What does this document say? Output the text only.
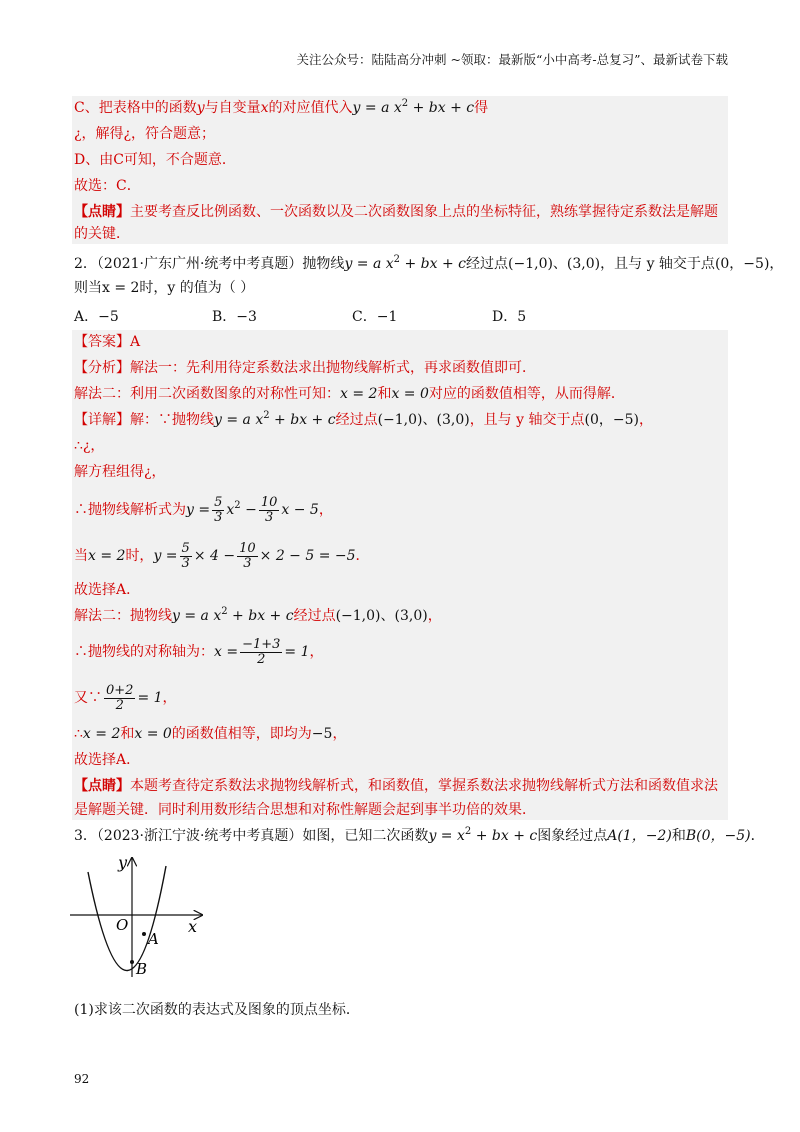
关注公众号：陆陆高分冲刺 ~领取：最新版“小中高考-总复习”、最新试卷下载
C、把表格中的函数y与自变量x的对应值代入y = a $x^2$ + bx + c得
¿，解得¿，符合题意；
D、由C可知，不合题意．
故选：C．
【点睛】主要考查反比例函数、一次函数以及二次函数图象上点的坐标特征，熟练掌握待定系数法是解题
的关键．
2．（2021·广东广州·统考中考真题）抛物线y = a $x^2$ + bx + c经过点(−1,0)、(3,0)，且与 y 轴交于点(0，−5)，
则当x = 2时，y 的值为（ ）
A．−5	B．−3	C．−1	D．5
【答案】A
【分析】解法一：先利用待定系数法求出抛物线解析式，再求函数值即可．
解法二：利用二次函数图象的对称性可知：x = 2和x = 0对应的函数值相等，从而得解．
【详解】解：∵抛物线y = a $x^2$ + bx + c经过点(−1,0)、(3,0)，且与 y 轴交于点(0，−5)，
∴¿，
解方程组得¿，
∴抛物线解析式为$y = \frac{5}{3} x^2 - \frac{10}{3}$ x − 5，
当x = 2时，$y = \frac{5}{3} \times 4 - \frac{10}{3} \times 2 - 5 = -5$．
故选择A．
解法二：抛物线y = a $x^2$ + bx + c经过点(−1,0)、(3,0)，
∴抛物线的对称轴为：$x = \frac{-1+3}{2} = 1$，
又∵ $\frac{0+2}{2} = 1$，
∴x = 2和x = 0的函数值相等，即均为−5，
故选择A．
【点睛】本题考查待定系数法求抛物线解析式，和函数值，掌握系数法求抛物线解析式方法和函数值求法
是解题关键．同时利用数形结合思想和对称性解题会起到事半功倍的效果．
3．（2023·浙江宁波·统考中考真题）如图，已知二次函数$y = x^2$ + bx + c图象经过点A(1，−2)和B(0，−5)．
y
x
O
A
B
(1)求该二次函数的表达式及图象的顶点坐标．
92
